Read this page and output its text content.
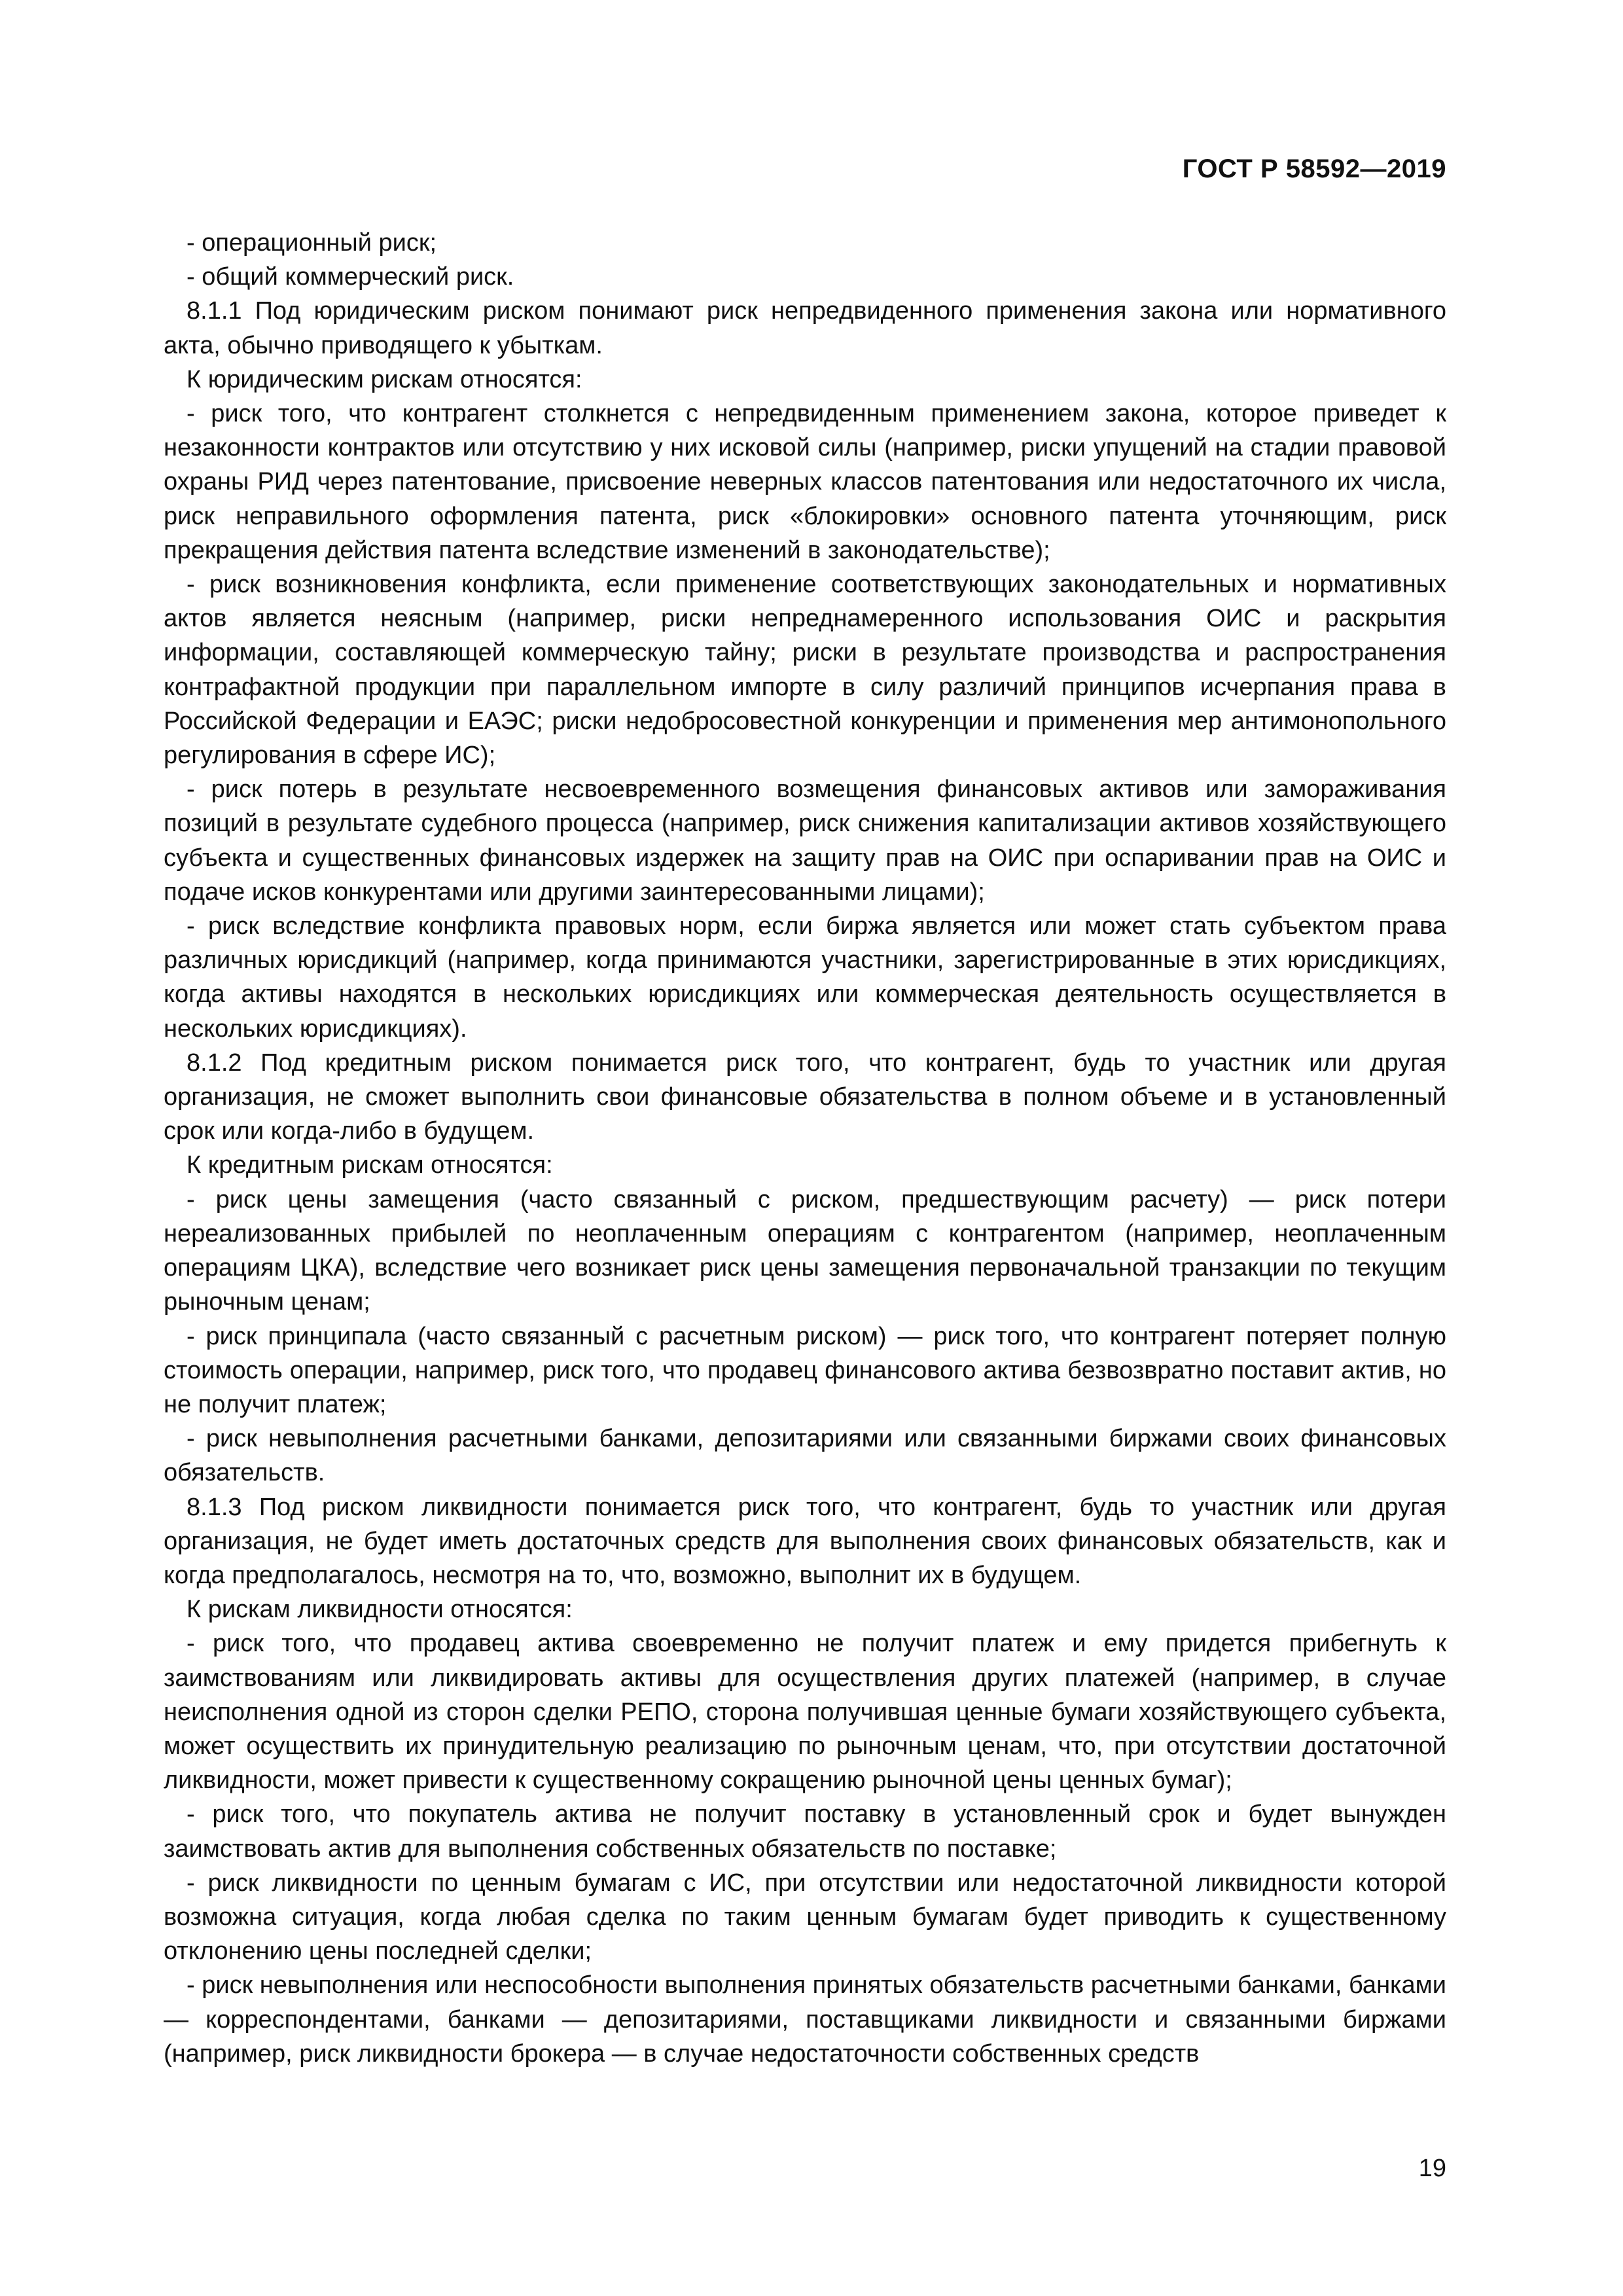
ГОСТ Р 58592—2019

- операционный риск;

- общий коммерческий риск.

8.1.1 Под юридическим риском понимают риск непредвиденного применения закона или нормативного акта, обычно приводящего к убыткам.

К юридическим рискам относятся:

- риск того, что контрагент столкнется с непредвиденным применением закона, которое приведет к незаконности контрактов или отсутствию у них исковой силы (например, риски упущений на стадии правовой охраны РИД через патентование, присвоение неверных классов патентования или недостаточного их числа, риск неправильного оформления патента, риск «блокировки» основного патента уточняющим, риск прекращения действия патента вследствие изменений в законодательстве);

- риск возникновения конфликта, если применение соответствующих законодательных и нормативных актов является неясным (например, риски непреднамеренного использования ОИС и раскрытия информации, составляющей коммерческую тайну; риски в результате производства и распространения контрафактной продукции при параллельном импорте в силу различий принципов исчерпания права в Российской Федерации и ЕАЭС; риски недобросовестной конкуренции и применения мер антимонопольного регулирования в сфере ИС);

- риск потерь в результате несвоевременного возмещения финансовых активов или замораживания позиций в результате судебного процесса (например, риск снижения капитализации активов хозяйствующего субъекта и существенных финансовых издержек на защиту прав на ОИС при оспаривании прав на ОИС и подаче исков конкурентами или другими заинтересованными лицами);

- риск вследствие конфликта правовых норм, если биржа является или может стать субъектом права различных юрисдикций (например, когда принимаются участники, зарегистрированные в этих юрисдикциях, когда активы находятся в нескольких юрисдикциях или коммерческая деятельность осуществляется в нескольких юрисдикциях).

8.1.2 Под кредитным риском понимается риск того, что контрагент, будь то участник или другая организация, не сможет выполнить свои финансовые обязательства в полном объеме и в установленный срок или когда-либо в будущем.

К кредитным рискам относятся:

- риск цены замещения (часто связанный с риском, предшествующим расчету) — риск потери нереализованных прибылей по неоплаченным операциям с контрагентом (например, неоплаченным операциям ЦКА), вследствие чего возникает риск цены замещения первоначальной транзакции по текущим рыночным ценам;

- риск принципала (часто связанный с расчетным риском) — риск того, что контрагент потеряет полную стоимость операции, например, риск того, что продавец финансового актива безвозвратно поставит актив, но не получит платеж;

- риск невыполнения расчетными банками, депозитариями или связанными биржами своих финансовых обязательств.

8.1.3 Под риском ликвидности понимается риск того, что контрагент, будь то участник или другая организация, не будет иметь достаточных средств для выполнения своих финансовых обязательств, как и когда предполагалось, несмотря на то, что, возможно, выполнит их в будущем.

К рискам ликвидности относятся:

- риск того, что продавец актива своевременно не получит платеж и ему придется прибегнуть к заимствованиям или ликвидировать активы для осуществления других платежей (например, в случае неисполнения одной из сторон сделки РЕПО, сторона получившая ценные бумаги хозяйствующего субъекта, может осуществить их принудительную реализацию по рыночным ценам, что, при отсутствии достаточной ликвидности, может привести к существенному сокращению рыночной цены ценных бумаг);

- риск того, что покупатель актива не получит поставку в установленный срок и будет вынужден заимствовать актив для выполнения собственных обязательств по поставке;

- риск ликвидности по ценным бумагам с ИС, при отсутствии или недостаточной ликвидности которой возможна ситуация, когда любая сделка по таким ценным бумагам будет приводить к существенному отклонению цены последней сделки;

- риск невыполнения или неспособности выполнения принятых обязательств расчетными банками, банками — корреспондентами, банками — депозитариями, поставщиками ликвидности и связанными биржами (например, риск ликвидности брокера — в случае недостаточности собственных средств

19
